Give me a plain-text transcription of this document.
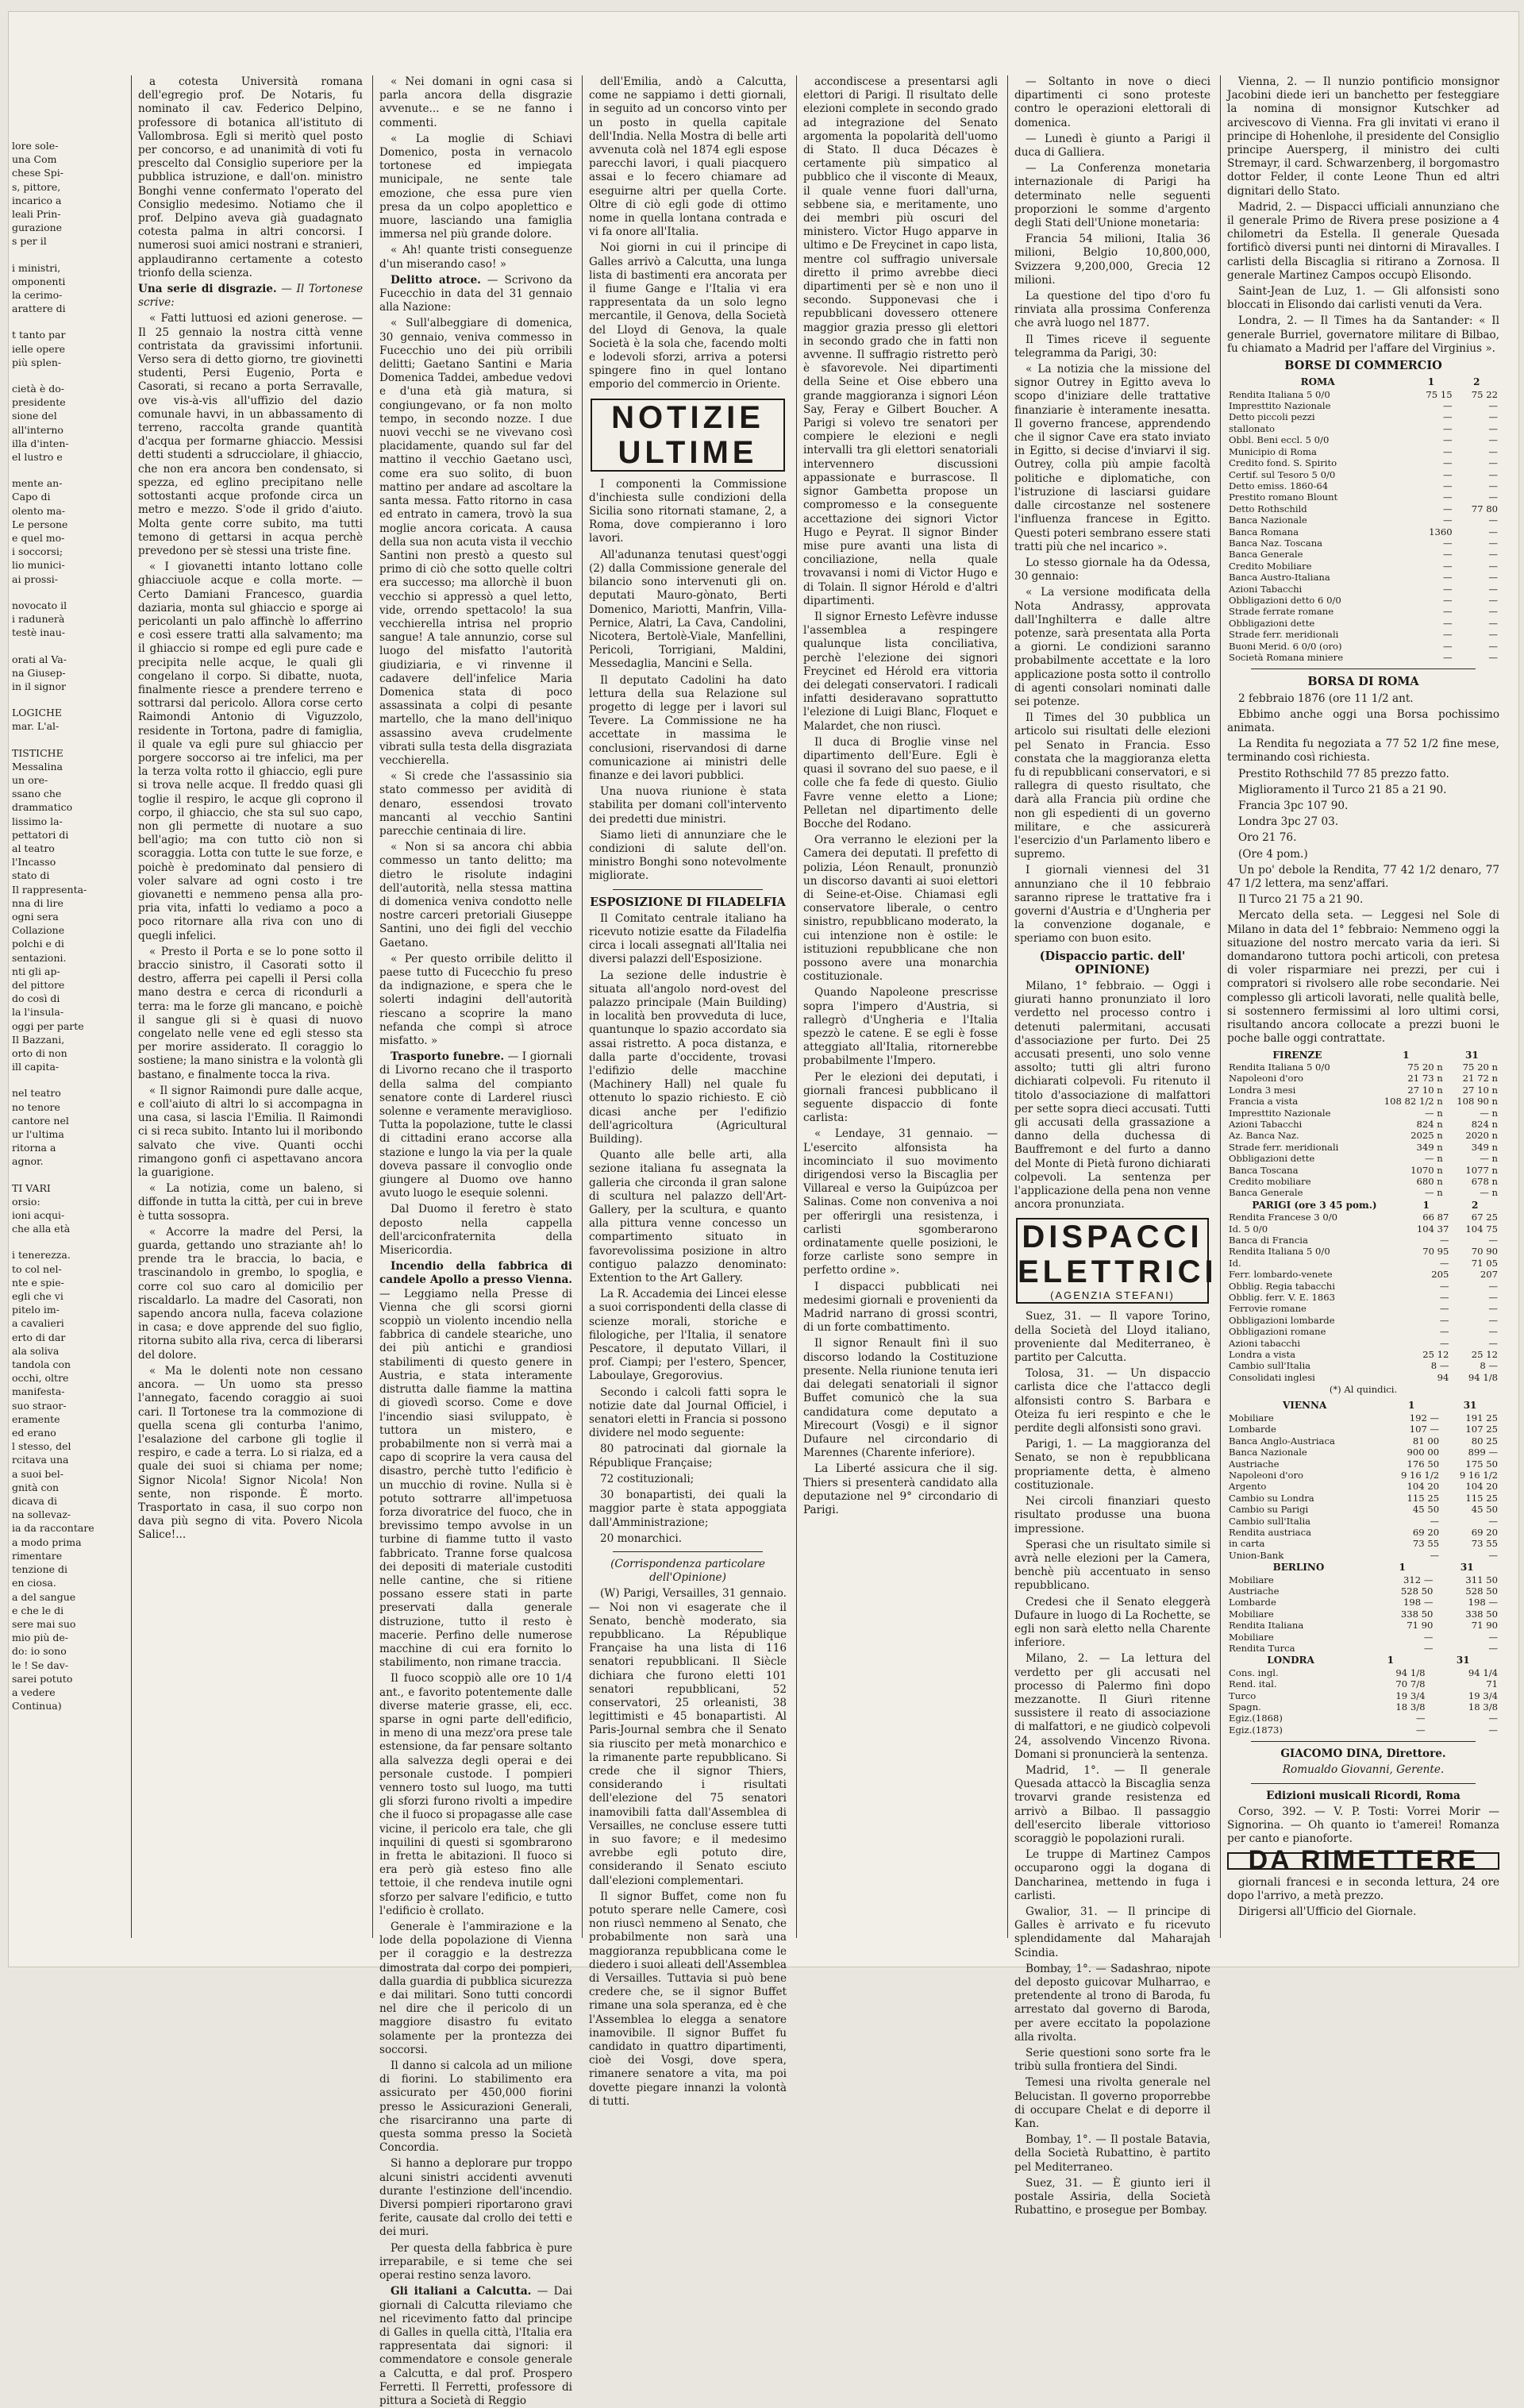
lore sole-
una Com
chese Spi-
s, pittore,
incarico a
leali Prin-
gurazione
s per il
i ministri,
omponenti
la cerimo-
arattere di
t tanto par
ielle opere
più splen-
cietà è do-
presidente
sione del
all'interno
illa d'inten-
el lustro e
mente an-
Capo di
olento ma-
Le persone
e quel mo-
i soccorsi;
lio munici-
ai prossi-
novocato il
i radunerà
testè inau-
orati al Va-
na Giusep-
in il signor
LOGICHE
mar. L'al-
TISTICHE
Messalina
un ore-
ssano che
drammatico
lissimo la-
pettatori di
al teatro
l'Incasso
stato di
Il rappresenta-
nna di lire
ogni sera
Collazione
polchi e di
sentazioni.
nti gli ap-
del pittore
do così di
la l'insula-
oggi per parte
Il Bazzani,
orto di non
ill capita-
nel teatro
no tenore
cantore nel
ur l'ultima
ritorna a
agnor.
TI VARI
orsio:
ioni acqui-
che alla età
i tenerezza.
to col nel-
nte e spie-
egli che vi
pitelo im-
a cavalieri
erto di dar
ala soliva
tandola con
occhi, oltre
manifesta-
suo straor-
eramente
ed erano
l stesso, del
rcitava una
a suoi bel-
gnità con
dicava di
na sollevaz-
ia da raccontare
a modo prima
rimentare
tenzione di
en ciosa.
a del sangue
e che le di
sere mai suo
mio più de-
do: io sono
le ! Se dav-
sarei potuto
a vedere
Continua)

a cotesta Università romana dell'egregio prof. De Notaris, fu nominato il cav. Federico Delpino, professore di botanica all'istituto di Vallombrosa. Egli si meritò quel posto per concorso, e ad unanimità di voti fu prescelto dal Consiglio superiore per la pubblica istruzione, e dall'on. ministro Bonghi venne confermato l'operato del Consiglio medesimo. Notiamo che il prof. Delpino aveva già guadagnato cotesta palma in altri concorsi. I numerosi suoi amici nostrani e stranieri, applaudiranno certamente a cotesto trionfo della scienza.

Una serie di disgrazie. — Il Tortonese scrive:

« Fatti luttuosi ed azioni generose. — Il 25 gennaio la nostra città venne contristata da gravissimi infortunii. Verso sera di detto giorno, tre giovinetti studenti, Persi Eugenio, Porta e Casorati, si recano a porta Serravalle, ove vis-à-vis all'uffizio del dazio comunale havvi, in un abbassamento di terreno, raccolta grande quantità d'acqua per formarne ghiaccio. Messisi detti studenti a sdrucciolare, il ghiaccio, che non era ancora ben condensato, si spezza, ed eglino precipitano nelle sottostanti acque profonde circa un metro e mezzo. S'ode il grido d'aiuto. Molta gente corre subito, ma tutti temono di gettarsi in acqua perchè prevedono per sè stessi una triste fine.

« I giovanetti intanto lottano colle ghiacciuole acque e colla morte. — Certo Damiani Francesco, guardia daziaria, monta sul ghiaccio e sporge ai pericolanti un palo affinchè lo afferrino e così essere tratti alla salvamento; ma il ghiaccio si rompe ed egli pure cade e precipita nelle acque, le quali gli congelano il corpo. Si dibatte, nuota, finalmente riesce a prendere terreno e sottrarsi dal pericolo. Allora corse certo Raimondi Antonio di Viguzzolo, residente in Tortona, padre di famiglia, il quale va egli pure sul ghiaccio per porgere soccorso ai tre infelici, ma per la terza volta rotto il ghiaccio, egli pure si trova nelle acque. Il freddo quasi gli toglie il respiro, le acque gli coprono il corpo, il ghiaccio, che sta sul suo capo, non gli permette di nuotare a suo bell'agio; ma con tutto ciò non si scoraggia. Lotta con tutte le sue forze, e poichè è predominato dal pensiero di voler salvare ad ogni costo i tre giovanetti e nemmeno pensa alla pro-pria vita, infatti lo vediamo a poco a poco ritornare alla riva con uno di quegli infelici.

« Presto il Porta e se lo pone sotto il braccio sinistro, il Casorati sotto il destro, afferra pei capelli il Persi colla mano destra e cerca di ricondurli a terra: ma le forze gli mancano, e poichè il sangue gli si è quasi di nuovo congelato nelle vene ed egli stesso sta per morire assiderato. Il coraggio lo sostiene; la mano sinistra e la volontà gli bastano, e finalmente tocca la riva.

« Il signor Raimondi pure dalle acque, e coll'aiuto di altri lo si accompagna in una casa, si lascia l'Emilia. Il Raimondi ci si reca subito. Intanto lui il moribondo salvato che vive. Quanti occhi rimangono gonfi ci aspettavano ancora la guarigione.

« La notizia, come un baleno, si diffonde in tutta la città, per cui in breve è tutta sossopra.

« Accorre la madre del Persi, la guarda, gettando uno straziante ah! lo prende tra le braccia, lo bacia, e trascinandolo in grembo, lo spoglia, e corre col suo caro al domicilio per riscaldarlo. La madre del Casorati, non sapendo ancora nulla, faceva colazione in casa; e dove apprende del suo figlio, ritorna subito alla riva, cerca di liberarsi del dolore.

« Ma le dolenti note non cessano ancora. — Un uomo sta presso l'annegato, facendo coraggio ai suoi cari. Il Tortonese tra la commozione di quella scena gli conturba l'animo, l'esalazione del carbone gli toglie il respiro, e cade a terra. Lo si rialza, ed a quale dei suoi si chiama per nome; Signor Nicola! Signor Nicola! Non sente, non risponde. È morto. Trasportato in casa, il suo corpo non dava più segno di vita. Povero Nicola Salice!...

« Nei domani in ogni casa si parla ancora della disgrazie avvenute... e se ne fanno i commenti.

« La moglie di Schiavi Domenico, posta in vernacolo tortonese ed impiegata municipale, ne sente tale emozione, che essa pure vien presa da un colpo apoplettico e muore, lasciando una famiglia immersa nel più grande dolore.

« Ah! quante tristi conseguenze d'un miserando caso! »

Delitto atroce. — Scrivono da Fucecchio in data del 31 gennaio alla Nazione:

« Sull'albeggiare di domenica, 30 gennaio, veniva commesso in Fucecchio uno dei più orribili delitti; Gaetano Santini e Maria Domenica Taddei, ambedue vedovi e d'una età già matura, si congiungevano, or fa non molto tempo, in secondo nozze. I due nuovi vecchi se ne vivevano così placidamente, quando sul far del mattino il vecchio Gaetano uscì, come era suo solito, di buon mattino per andare ad ascoltare la santa messa. Fatto ritorno in casa ed entrato in camera, trovò la sua moglie ancora coricata. A causa della sua non acuta vista il vecchio Santini non prestò a questo sul primo di ciò che sotto quelle coltri era successo; ma allorchè il buon vecchio si appressò a quel letto, vide, orrendo spettacolo! la sua vecchierella intrisa nel proprio sangue! A tale annunzio, corse sul luogo del misfatto l'autorità giudiziaria, e vi rinvenne il cadavere dell'infelice Maria Domenica stata di poco assassinata a colpi di pesante martello, che la mano dell'iniquo assassino aveva crudelmente vibrati sulla testa della disgraziata vecchierella.

« Si crede che l'assassinio sia stato commesso per avidità di denaro, essendosi trovato mancanti al vecchio Santini parecchie centinaia di lire.

« Non si sa ancora chi abbia commesso un tanto delitto; ma dietro le risolute indagini dell'autorità, nella stessa mattina di domenica veniva condotto nelle nostre carceri pretoriali Giuseppe Santini, uno dei figli del vecchio Gaetano.

« Per questo orribile delitto il paese tutto di Fucecchio fu preso da indignazione, e spera che le solerti indagini dell'autorità riescano a scoprire la mano nefanda che compì sì atroce misfatto. »

Trasporto funebre. — I giornali di Livorno recano che il trasporto della salma del compianto senatore conte di Larderel riuscì solenne e veramente meraviglioso. Tutta la popolazione, tutte le classi di cittadini erano accorse alla stazione e lungo la via per la quale doveva passare il convoglio onde giungere al Duomo ove hanno avuto luogo le esequie solenni.

Dal Duomo il feretro è stato deposto nella cappella dell'arciconfraternita della Misericordia.

Incendio della fabbrica di candele Apollo a presso Vienna. — Leggiamo nella Presse di Vienna che gli scorsi giorni scoppiò un violento incendio nella fabbrica di candele steariche, uno dei più antichi e grandiosi stabilimenti di questo genere in Austria, e stata interamente distrutta dalle fiamme la mattina di giovedì scorso. Come e dove l'incendio siasi sviluppato, è tuttora un mistero, e probabilmente non si verrà mai a capo di scoprire la vera causa del disastro, perchè tutto l'edificio è un mucchio di rovine. Nulla si è potuto sottrarre all'impetuosa forza divoratrice del fuoco, che in brevissimo tempo avvolse in un turbine di fiamme tutto il vasto fabbricato. Tranne forse qualcosa dei depositi di materiale custoditi nelle cantine, che si ritiene possano essere stati in parte preservati dalla generale distruzione, tutto il resto è macerie. Perfino delle numerose macchine di cui era fornito lo stabilimento, non rimane traccia.

Il fuoco scoppiò alle ore 10 1/4 ant., e favorito potentemente dalle diverse materie grasse, eli, ecc. sparse in ogni parte dell'edificio, in meno di una mezz'ora prese tale estensione, da far pensare soltanto alla salvezza degli operai e dei personale custode. I pompieri vennero tosto sul luogo, ma tutti gli sforzi furono rivolti a impedire che il fuoco si propagasse alle case vicine, il pericolo era tale, che gli inquilini di questi si sgombrarono in fretta le abitazioni. Il fuoco si era però già esteso fino alle tettoie, il che rendeva inutile ogni sforzo per salvare l'edificio, e tutto l'edificio è crollato.

Generale è l'ammirazione e la lode della popolazione di Vienna per il coraggio e la destrezza dimostrata dal corpo dei pompieri, dalla guardia di pubblica sicurezza e dai militari. Sono tutti concordi nel dire che il pericolo di un maggiore disastro fu evitato solamente per la prontezza dei soccorsi.

Il danno si calcola ad un milione di fiorini. Lo stabilimento era assicurato per 450,000 fiorini presso le Assicurazioni Generali, che risarciranno una parte di questa somma presso la Società Concordia.

Si hanno a deplorare pur troppo alcuni sinistri accidenti avvenuti durante l'estinzione dell'incendio. Diversi pompieri riportarono gravi ferite, causate dal crollo dei tetti e dei muri.

Per questa della fabbrica è pure irreparabile, e si teme che sei operai restino senza lavoro.

Gli italiani a Calcutta. — Dai giornali di Calcutta rileviamo che nel ricevimento fatto dal principe di Galles in quella città, l'Italia era rappresentata dai signori: il commendatore e console generale a Calcutta, e dal prof. Prospero Ferretti. Il Ferretti, professore di pittura a Società di Reggio

dell'Emilia, andò a Calcutta, come ne sappiamo i detti giornali, in seguito ad un concorso vinto per un posto in quella capitale dell'India. Nella Mostra di belle arti avvenuta colà nel 1874 egli espose parecchi lavori, i quali piacquero assai e lo fecero chiamare ad eseguirne altri per quella Corte. Oltre di ciò egli gode di ottimo nome in quella lontana contrada e vi fa onore all'Italia.

Noi giorni in cui il principe di Galles arrivò a Calcutta, una lunga lista di bastimenti era ancorata per il fiume Gange e l'Italia vi era rappresentata da un solo legno mercantile, il Genova, della Società del Lloyd di Genova, la quale Società è la sola che, facendo molti e lodevoli sforzi, arriva a potersi spingere fino in quel lontano emporio del commercio in Oriente.

NOTIZIE ULTIME

I componenti la Commissione d'inchiesta sulle condizioni della Sicilia sono ritornati stamane, 2, a Roma, dove compieranno i loro lavori.

All'adunanza tenutasi quest'oggi (2) dalla Commissione generale del bilancio sono intervenuti gli on. deputati Mauro-gònato, Berti Domenico, Mariotti, Manfrin, Villa-Pernice, Alatri, La Cava, Candolini, Nicotera, Bertolè-Viale, Manfellini, Pericoli, Torrigiani, Maldini, Messedaglia, Mancini e Sella.

Il deputato Cadolini ha dato lettura della sua Relazione sul progetto di legge per i lavori sul Tevere. La Commissione ne ha accettate in massima le conclusioni, riservandosi di darne comunicazione ai ministri delle finanze e dei lavori pubblici.

Una nuova riunione è stata stabilita per domani coll'intervento dei predetti due ministri.

Siamo lieti di annunziare che le condizioni di salute dell'on. ministro Bonghi sono notevolmente migliorate.

ESPOSIZIONE DI FILADELFIA

Il Comitato centrale italiano ha ricevuto notizie esatte da Filadelfia circa i locali assegnati all'Italia nei diversi palazzi dell'Esposizione.

La sezione delle industrie è situata all'angolo nord-ovest del palazzo principale (Main Building) in località ben provveduta di luce, quantunque lo spazio accordato sia assai ristretto. A poca distanza, e dalla parte d'occidente, trovasi l'edifizio delle macchine (Machinery Hall) nel quale fu ottenuto lo spazio richiesto. E ciò dicasi anche per l'edifizio dell'agricoltura (Agricultural Building).

Quanto alle belle arti, alla sezione italiana fu assegnata la galleria che circonda il gran salone di scultura nel palazzo dell'Art-Gallery, per la scultura, e quanto alla pittura venne concesso un compartimento situato in favorevolissima posizione in altro contiguo palazzo denominato: Extention to the Art Gallery.

La R. Accademia dei Lincei elesse a suoi corrispondenti della classe di scienze morali, storiche e filologiche, per l'Italia, il senatore Pescatore, il deputato Villari, il prof. Ciampi; per l'estero, Spencer, Laboulaye, Gregorovius.

Secondo i calcoli fatti sopra le notizie date dal Journal Officiel, i senatori eletti in Francia si possono dividere nel modo seguente:

80 patrocinati dal giornale la République Française;

72 costituzionali;

30 bonapartisti, dei quali la maggior parte è stata appoggiata dall'Amministrazione;

20 monarchici.

(Corrispondenza particolare dell'Opinione)

(W) Parigi, Versailles, 31 gennaio. — Noi non vi esagerate che il Senato, benchè moderato, sia repubblicano. La République Française ha una lista di 116 senatori repubblicani. Il Siècle dichiara che furono eletti 101 senatori repubblicani, 52 conservatori, 25 orleanisti, 38 legittimisti e 45 bonapartisti. Al Paris-Journal sembra che il Senato sia riuscito per metà monarchico e la rimanente parte repubblicano. Si crede che il signor Thiers, considerando i risultati dell'elezione del 75 senatori inamovibili fatta dall'Assemblea di Versailles, ne concluse essere tutti in suo favore; e il medesimo avrebbe egli potuto dire, considerando il Senato esciuto dall'elezioni complementari.

Il signor Buffet, come non fu potuto sperare nelle Camere, così non riuscì nemmeno al Senato, che probabilmente non sarà una maggioranza repubblicana come le diedero i suoi alleati dell'Assemblea di Versailles. Tuttavia si può bene credere che, se il signor Buffet rimane una sola speranza, ed è che l'Assemblea lo elegga a senatore inamovibile. Il signor Buffet fu candidato in quattro dipartimenti, cioè dei Vosgi, dove spera, rimanere senatore a vita, ma poi dovette piegare innanzi la volontà di tutti.

accondiscese a presentarsi agli elettori di Parigi. Il risultato delle elezioni complete in secondo grado ad integrazione del Senato argomenta la popolarità dell'uomo di Stato. Il duca Décazes è certamente più simpatico al pubblico che il visconte di Meaux, il quale venne fuori dall'urna, sebbene sia, e meritamente, uno dei membri più oscuri del ministero. Victor Hugo apparve in ultimo e De Freycinet in capo lista, mentre col suffragio universale diretto il primo avrebbe dieci dipartimenti per sè e non uno il secondo. Supponevasi che i repubblicani dovessero ottenere maggior grazia presso gli elettori in secondo grado che in fatti non avvenne. Il suffragio ristretto però è sfavorevole. Nei dipartimenti della Seine et Oise ebbero una grande maggioranza i signori Léon Say, Feray e Gilbert Boucher. A Parigi si volevo tre senatori per compiere le elezioni e negli intervalli tra gli elettori senatoriali intervennero discussioni appassionate e burrascose. Il signor Gambetta propose un compromesso e la conseguente accettazione dei signori Victor Hugo e Peyrat. Il signor Binder mise pure avanti una lista di conciliazione, nella quale trovavansi i nomi di Victor Hugo e di Tolain. Il signor Hérold e d'altri dipartimenti.

Il signor Ernesto Lefèvre indusse l'assemblea a respingere qualunque lista conciliativa, perchè l'elezione dei signori Freycinet ed Hérold era vittoria dei delegati conservatori. I radicali infatti desideravano soprattutto l'elezione di Luigi Blanc, Floquet e Malardet, che non riuscì.

Il duca di Broglie vinse nel dipartimento dell'Eure. Egli è quasi il sovrano del suo paese, e il colle che fa fede di questo. Giulio Favre venne eletto a Lione; Pelletan nel dipartimento delle Bocche del Rodano.

Ora verranno le elezioni per la Camera dei deputati. Il prefetto di polizia, Léon Renault, pronunziò un discorso davanti ai suoi elettori di Seine-et-Oise. Chiamasi egli conservatore liberale, o centro sinistro, repubblicano moderato, la cui intenzione non è ostile: le istituzioni repubblicane che non possono avere una monarchia costituzionale.

Quando Napoleone prescrisse sopra l'impero d'Austria, si rallegrò d'Ungheria e l'Italia spezzò le catene. E se egli è fosse atteggiato all'Italia, ritornerebbe probabilmente l'Impero.

Per le elezioni dei deputati, i giornali francesi pubblicano il seguente dispaccio di fonte carlista:

« Lendaye, 31 gennaio. — L'esercito alfonsista ha incominciato il suo movimento dirigendosi verso la Biscaglia per Villareal e verso la Guipúzcoa per Salinas. Come non conveniva a noi per offerirgli una resistenza, i carlisti sgomberarono ordinatamente quelle posizioni, le forze carliste sono sempre in perfetto ordine ».

I dispacci pubblicati nei medesimi giornali e provenienti da Madrid narrano di grossi scontri, di un forte combattimento.

Il signor Renault finì il suo discorso lodando la Costituzione presente. Nella riunione tenuta ieri dai delegati senatoriali il signor Buffet comunicò che la sua candidatura come deputato a Mirecourt (Vosgi) e il signor Dufaure nel circondario di Marennes (Charente inferiore).

La Liberté assicura che il sig. Thiers si presenterà candidato alla deputazione nel 9° circondario di Parigi.

— Soltanto in nove o dieci dipartimenti ci sono proteste contro le operazioni elettorali di domenica.

— Lunedì è giunto a Parigi il duca di Galliera.

— La Conferenza monetaria internazionale di Parigi ha determinato nelle seguenti proporzioni le somme d'argento degli Stati dell'Unione monetaria:

Francia 54 milioni, Italia 36 milioni, Belgio 10,800,000, Svizzera 9,200,000, Grecia 12 milioni.

La questione del tipo d'oro fu rinviata alla prossima Conferenza che avrà luogo nel 1877.

Il Times riceve il seguente telegramma da Parigi, 30:

« La notizia che la missione del signor Outrey in Egitto aveva lo scopo d'iniziare delle trattative finanziarie è interamente inesatta. Il governo francese, apprendendo che il signor Cave era stato inviato in Egitto, si decise d'inviarvi il sig. Outrey, colla più ampie facoltà politiche e diplomatiche, con l'istruzione di lasciarsi guidare dalle circostanze nel sostenere l'influenza francese in Egitto. Questi poteri sembrano essere stati tratti più che nel incarico ».

Lo stesso giornale ha da Odessa, 30 gennaio:

« La versione modificata della Nota Andrassy, approvata dall'Inghilterra e dalle altre potenze, sarà presentata alla Porta a giorni. Le condizioni saranno probabilmente accettate e la loro applicazione posta sotto il controllo di agenti consolari nominati dalle sei potenze.

Il Times del 30 pubblica un articolo sui risultati delle elezioni pel Senato in Francia. Esso constata che la maggioranza eletta fu di repubblicani conservatori, e si rallegra di questo risultato, che darà alla Francia più ordine che non gli espedienti di un governo militare, e che assicurerà l'esercizio d'un Parlamento libero e supremo.

I giornali viennesi del 31 annunziano che il 10 febbraio saranno riprese le trattative fra i governi d'Austria e d'Ungheria per la convenzione doganale, e speriamo con buon esito.

(Dispaccio partic. dell' OPINIONE)

Milano, 1° febbraio. — Oggi i giurati hanno pronunziato il loro verdetto nel processo contro i detenuti palermitani, accusati d'associazione per furto. Dei 25 accusati presenti, uno solo venne assolto; tutti gli altri furono dichiarati colpevoli. Fu ritenuto il titolo d'associazione di malfattori per sette sopra dieci accusati. Tutti gli accusati della grassazione a danno della duchessa di Bauffremont e del furto a danno del Monte di Pietà furono dichiarati colpevoli. La sentenza per l'applicazione della pena non venne ancora pronunziata.

DISPACCI ELETTRICI
(AGENZIA STEFANI)

Suez, 31. — Il vapore Torino, della Società del Lloyd italiano, proveniente dal Mediterraneo, è partito per Calcutta.

Tolosa, 31. — Un dispaccio carlista dice che l'attacco degli alfonsisti contro S. Barbara e Oteiza fu ieri respinto e che le perdite degli alfonsisti sono gravi.

Parigi, 1. — La maggioranza del Senato, se non è repubblicana propriamente detta, è almeno costituzionale.

Nei circoli finanziari questo risultato produsse una buona impressione.

Sperasi che un risultato simile si avrà nelle elezioni per la Camera, benchè più accentuato in senso repubblicano.

Credesi che il Senato eleggerà Dufaure in luogo di La Rochette, se egli non sarà eletto nella Charente inferiore.

Milano, 2. — La lettura del verdetto per gli accusati nel processo di Palermo finì dopo mezzanotte. Il Giurì ritenne sussistere il reato di associazione di malfattori, e ne giudicò colpevoli 24, assolvendo Vincenzo Rivona. Domani si pronuncierà la sentenza.

Madrid, 1°. — Il generale Quesada attaccò la Biscaglia senza trovarvi grande resistenza ed arrivò a Bilbao. Il passaggio dell'esercito liberale vittorioso scoraggiò le popolazioni rurali.

Le truppe di Martinez Campos occuparono oggi la dogana di Dancharinea, mettendo in fuga i carlisti.

Gwalior, 31. — Il principe di Galles è arrivato e fu ricevuto splendidamente dal Maharajah Scindia.

Bombay, 1°. — Sadashrao, nipote del deposto guicovar Mulharrao, e pretendente al trono di Baroda, fu arrestato dal governo di Baroda, per avere eccitato la popolazione alla rivolta.

Serie questioni sono sorte fra le tribù sulla frontiera del Sindi.

Temesi una rivolta generale nel Belucistan. Il governo proporrebbe di occupare Chelat e di deporre il Kan.

Bombay, 1°. — Il postale Batavia, della Società Rubattino, è partito pel Mediterraneo.

Suez, 31. — È giunto ieri il postale Assiria, della Società Rubattino, e prosegue per Bombay.

Vienna, 2. — Il nunzio pontificio monsignor Jacobini diede ieri un banchetto per festeggiare la nomina di monsignor Kutschker ad arcivescovo di Vienna. Fra gli invitati vi erano il principe di Hohenlohe, il presidente del Consiglio principe Auersperg, il ministro dei culti Stremayr, il card. Schwarzenberg, il borgomastro dottor Felder, il conte Leone Thun ed altri dignitari dello Stato.

Madrid, 2. — Dispacci ufficiali annunziano che il generale Primo de Rivera prese posizione a 4 chilometri da Estella. Il generale Quesada fortificò diversi punti nei dintorni di Miravalles. I carlisti della Biscaglia si ritirano a Zornosa. Il generale Martinez Campos occupò Elisondo.

Saint-Jean de Luz, 1. — Gli alfonsisti sono bloccati in Elisondo dai carlisti venuti da Vera.

Londra, 2. — Il Times ha da Santander: « Il generale Burriel, governatore militare di Bilbao, fu chiamato a Madrid per l'affare del Virginius ».

BORSE DI COMMERCIO
ROMA	1	2
Rendita Italiana 5 0/0	75 15	75 22
Impresttito Nazionale	—	—
Detto piccoli pezzi	—	—
stallonato	—	—
Obbl. Beni eccl. 5 0/0	—	—
Municipio di Roma	—	—
Credito fond. S. Spirito	—	—
Certif. sul Tesoro 5 0/0	—	—
Detto emiss. 1860-64	—	—
Prestito romano Blount	—	—
Detto Rothschild	—	77 80
Banca Nazionale	—	—
Banca Romana	1360	—
Banca Naz. Toscana	—	—
Banca Generale	—	—
Credito Mobiliare	—	—
Banca Austro-Italiana	—	—
Azioni Tabacchi	—	—
Obbligazioni detto 6 0/0	—	—
Strade ferrate romane	—	—
Obbligazioni dette	—	—
Strade ferr. meridionali	—	—
Buoni Merid. 6 0/0 (oro)	—	—
Società Romana miniere	—	—
BORSA DI ROMA

2 febbraio 1876 (ore 11 1/2 ant.

Ebbimo anche oggi una Borsa pochissimo animata.

La Rendita fu negoziata a 77 52 1/2 fine mese, terminando così richiesta.

Prestito Rothschild 77 85 prezzo fatto.

Miglioramento il Turco 21 85 a 21 90.

Francia 3pc 107 90.

Londra 3pc 27 03.

Oro 21 76.

(Ore 4 pom.)

Un po' debole la Rendita, 77 42 1/2 denaro, 77 47 1/2 lettera, ma senz'affari.

Il Turco 21 75 a 21 90.

Mercato della seta. — Leggesi nel Sole di Milano in data del 1° febbraio: Nemmeno oggi la situazione del nostro mercato varia da ieri. Si domandarono tuttora pochi articoli, con pretesa di voler risparmiare nei prezzi, per cui i compratori si rivolsero alle robe secondarie. Nei complesso gli articoli lavorati, nelle qualità belle, si sostennero fermissimi al loro ultimi corsi, risultando ancora collocate a prezzi buoni le poche balle oggi contrattate.

FIRENZE	1	31
Rendita Italiana 5 0/0	75 20 n	75 20 n
Napoleoni d'oro	21 73 n	21 72 n
Londra 3 mesi	27 10 n	27 10 n
Francia a vista	108 82 1/2 n	108 90 n
Impresttito Nazionale	— n	— n
Azioni Tabacchi	824 n	824 n
Az. Banca Naz.	2025 n	2020 n
Strade ferr. meridionali	349 n	349 n
Obbligazioni dette	— n	— n
Banca Toscana	1070 n	1077 n
Credito mobiliare	680 n	678 n
Banca Generale	— n	— n
PARIGI (ore 3 45 pom.)	1	2
Rendita Francese 3 0/0	66 87	67 25
Id. 5 0/0	104 37	104 75
Banca di Francia	—	—
Rendita Italiana 5 0/0	70 95	70 90
Id.	—	71 05
Ferr. lombardo-venete	205	207
Obblig. Regia tabacchi	—	—
Obblig. ferr. V. E. 1863	—	—
Ferrovie romane	—	—
Obbligazioni lombarde	—	—
Obbligazioni romane	—	—
Azioni tabacchi	—	—
Londra a vista	25 12	25 12
Cambio sull'Italia	8 —	8 —
Consolidati inglesi	94	94 1/8

(*) Al quindici.

VIENNA	1	31
Mobiliare	192 —	191 25
Lombarde	107 —	107 25
Banca Anglo-Austriaca	81 00	80 25
Banca Nazionale	900 00	899 —
Austriache	176 50	175 50
Napoleoni d'oro	9 16 1/2	9 16 1/2
Argento	104 20	104 20
Cambio su Londra	115 25	115 25
Cambio su Parigi	45 50	45 50
Cambio sull'Italia	—	—
Rendita austriaca	69 20	69 20
in carta	73 55	73 55
Union-Bank	—	—
BERLINO	1	31
Mobiliare	312 —	311 50
Austriache	528 50	528 50
Lombarde	198 —	198 —
Mobiliare	338 50	338 50
Rendita Italiana	71 90	71 90
Mobiliare	—	—
Rendita Turca	—	—
LONDRA	1	31
Cons. ingl.	94 1/8	94 1/4
Rend. ital.	70 7/8	71
Turco	19 3/4	19 3/4
Spagn.	18 3/8	18 3/8
Egiz.(1868)	—	—
Egiz.(1873)	—	—

GIACOMO DINA, Direttore.

Romualdo Giovanni, Gerente.

Edizioni musicali Ricordi, Roma

Corso, 392. — V. P. Tosti: Vorrei Morir — Signorina. — Oh quanto io t'amerei! Romanza per canto e pianoforte.

DA RIMETTERE

giornali francesi e in seconda lettura, 24 ore dopo l'arrivo, a metà prezzo.

Dirigersi all'Ufficio del Giornale.
